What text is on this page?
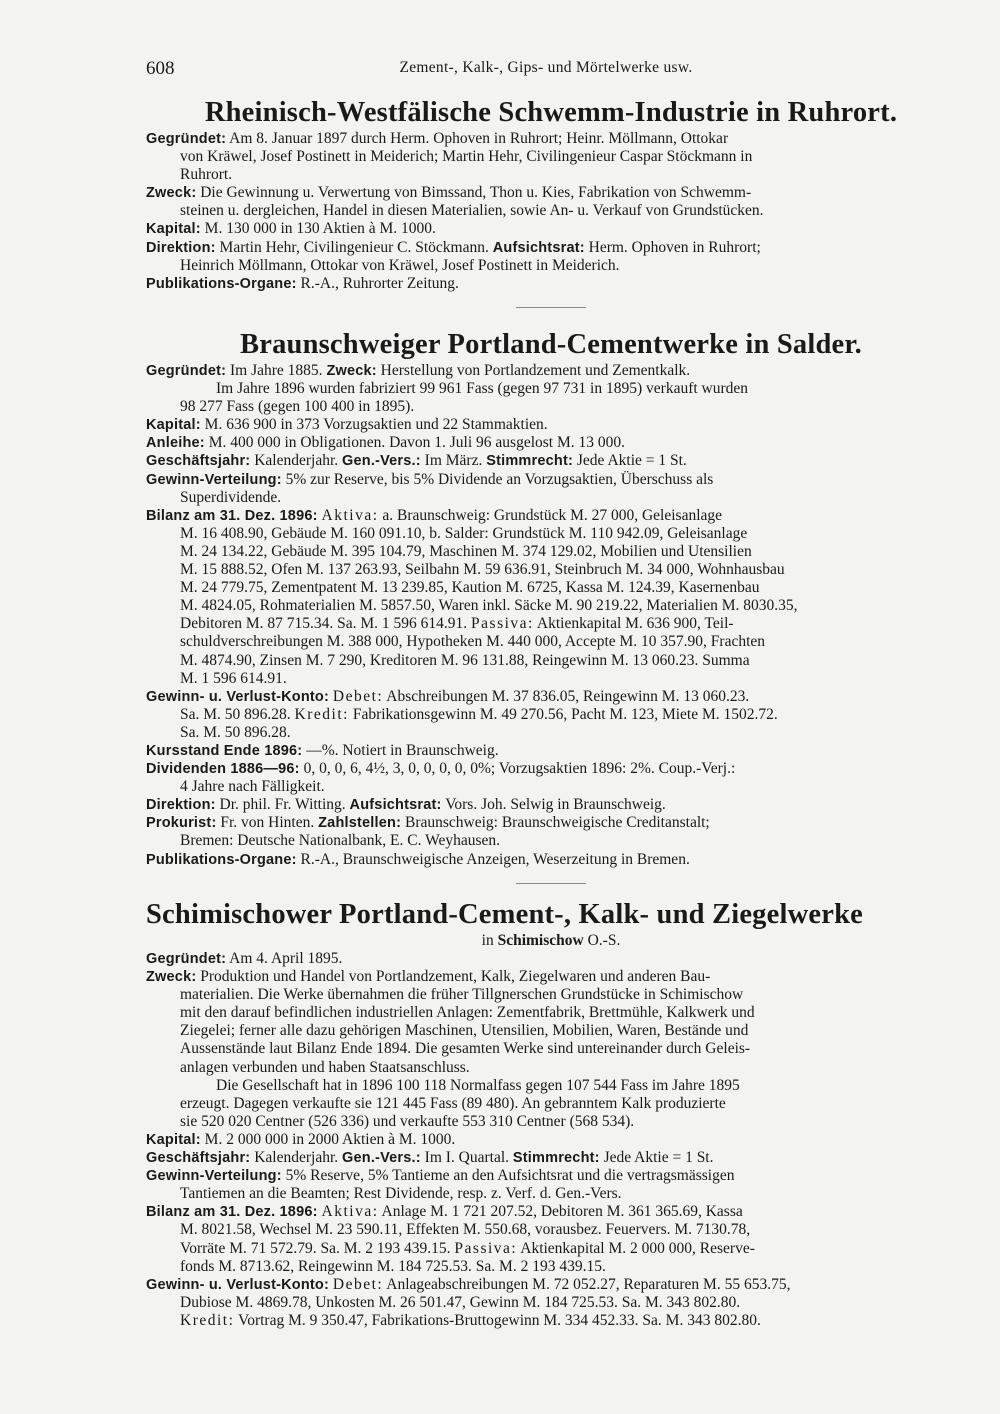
608	Zement-, Kalk-, Gips- und Mörtelwerke usw.
Rheinisch-Westfälische Schwemm-Industrie in Ruhrort.
Gegründet: Am 8. Januar 1897 durch Herm. Ophoven in Ruhrort; Heinr. Möllmann, Ottokar
von Kräwel, Josef Postinett in Meiderich; Martin Hehr, Civilingenieur Caspar Stöckmann in
Ruhrort.
Zweck: Die Gewinnung u. Verwertung von Bimssand, Thon u. Kies, Fabrikation von Schwemm-
steinen u. dergleichen, Handel in diesen Materialien, sowie An- u. Verkauf von Grundstücken.
Kapital: M. 130 000 in 130 Aktien à M. 1000.
Direktion: Martin Hehr, Civilingenieur C. Stöckmann. Aufsichtsrat: Herm. Ophoven in Ruhrort;
Heinrich Möllmann, Ottokar von Kräwel, Josef Postinett in Meiderich.
Publikations-Organe: R.-A., Ruhrorter Zeitung.
Braunschweiger Portland-Cementwerke in Salder.
Gegründet: Im Jahre 1885. Zweck: Herstellung von Portlandzement und Zementkalk.
Im Jahre 1896 wurden fabriziert 99 961 Fass (gegen 97 731 in 1895) verkauft wurden
98 277 Fass (gegen 100 400 in 1895).
Kapital: M. 636 900 in 373 Vorzugsaktien und 22 Stammaktien.
Anleihe: M. 400 000 in Obligationen. Davon 1. Juli 96 ausgelost M. 13 000.
Geschäftsjahr: Kalenderjahr. Gen.-Vers.: Im März. Stimmrecht: Jede Aktie = 1 St.
Gewinn-Verteilung: 5% zur Reserve, bis 5% Dividende an Vorzugsaktien, Überschuss als
Superdividende.
Bilanz am 31. Dez. 1896: Aktiva: a. Braunschweig: Grundstück M. 27 000, Geleisanlage
M. 16 408.90, Gebäude M. 160 091.10, b. Salder: Grundstück M. 110 942.09, Geleisanlage
M. 24 134.22, Gebäude M. 395 104.79, Maschinen M. 374 129.02, Mobilien und Utensilien
M. 15 888.52, Ofen M. 137 263.93, Seilbahn M. 59 636.91, Steinbruch M. 34 000, Wohnhausbau
M. 24 779.75, Zementpatent M. 13 239.85, Kaution M. 6725, Kassa M. 124.39, Kasernenbau
M. 4824.05, Rohmaterialien M. 5857.50, Waren inkl. Säcke M. 90 219.22, Materialien M. 8030.35,
Debitoren M. 87 715.34. Sa. M. 1 596 614.91. Passiva: Aktienkapital M. 636 900, Teil-
schuldverschreibungen M. 388 000, Hypotheken M. 440 000, Accepte M. 10 357.90, Frachten
M. 4874.90, Zinsen M. 7 290, Kreditoren M. 96 131.88, Reingewinn M. 13 060.23. Summa
M. 1 596 614.91.
Gewinn- u. Verlust-Konto: Debet: Abschreibungen M. 37 836.05, Reingewinn M. 13 060.23.
Sa. M. 50 896.28. Kredit: Fabrikationsgewinn M. 49 270.56, Pacht M. 123, Miete M. 1502.72.
Sa. M. 50 896.28.
Kursstand Ende 1896: —%. Notiert in Braunschweig.
Dividenden 1886—96: 0, 0, 0, 6, 4½, 3, 0, 0, 0, 0, 0%; Vorzugsaktien 1896: 2%. Coup.-Verj.:
4 Jahre nach Fälligkeit.
Direktion: Dr. phil. Fr. Witting. Aufsichtsrat: Vors. Joh. Selwig in Braunschweig.
Prokurist: Fr. von Hinten. Zahlstellen: Braunschweig: Braunschweigische Creditanstalt;
Bremen: Deutsche Nationalbank, E. C. Weyhausen.
Publikations-Organe: R.-A., Braunschweigische Anzeigen, Weserzeitung in Bremen.
Schimischower Portland-Cement-, Kalk- und Ziegelwerke
in Schimischow O.-S.
Gegründet: Am 4. April 1895.
Zweck: Produktion und Handel von Portlandzement, Kalk, Ziegelwaren und anderen Bau-
materialien. Die Werke übernahmen die früher Tillgnerschen Grundstücke in Schimischow
mit den darauf befindlichen industriellen Anlagen: Zementfabrik, Brettmühle, Kalkwerk und
Ziegelei; ferner alle dazu gehörigen Maschinen, Utensilien, Mobilien, Waren, Bestände und
Aussenstände laut Bilanz Ende 1894. Die gesamten Werke sind untereinander durch Geleis-
anlagen verbunden und haben Staatsanschluss.
Die Gesellschaft hat in 1896 100 118 Normalfass gegen 107 544 Fass im Jahre 1895
erzeugt. Dagegen verkaufte sie 121 445 Fass (89 480). An gebranntem Kalk produzierte
sie 520 020 Centner (526 336) und verkaufte 553 310 Centner (568 534).
Kapital: M. 2 000 000 in 2000 Aktien à M. 1000.
Geschäftsjahr: Kalenderjahr. Gen.-Vers.: Im I. Quartal. Stimmrecht: Jede Aktie = 1 St.
Gewinn-Verteilung: 5% Reserve, 5% Tantieme an den Aufsichtsrat und die vertragsmässigen
Tantiemen an die Beamten; Rest Dividende, resp. z. Verf. d. Gen.-Vers.
Bilanz am 31. Dez. 1896: Aktiva: Anlage M. 1 721 207.52, Debitoren M. 361 365.69, Kassa
M. 8021.58, Wechsel M. 23 590.11, Effekten M. 550.68, vorausbez. Feuervers. M. 7130.78,
Vorräte M. 71 572.79. Sa. M. 2 193 439.15. Passiva: Aktienkapital M. 2 000 000, Reserve-
fonds M. 8713.62, Reingewinn M. 184 725.53. Sa. M. 2 193 439.15.
Gewinn- u. Verlust-Konto: Debet: Anlageabschreibungen M. 72 052.27, Reparaturen M. 55 653.75,
Dubiose M. 4869.78, Unkosten M. 26 501.47, Gewinn M. 184 725.53. Sa. M. 343 802.80.
Kredit: Vortrag M. 9 350.47, Fabrikations-Bruttogewinn M. 334 452.33. Sa. M. 343 802.80.
